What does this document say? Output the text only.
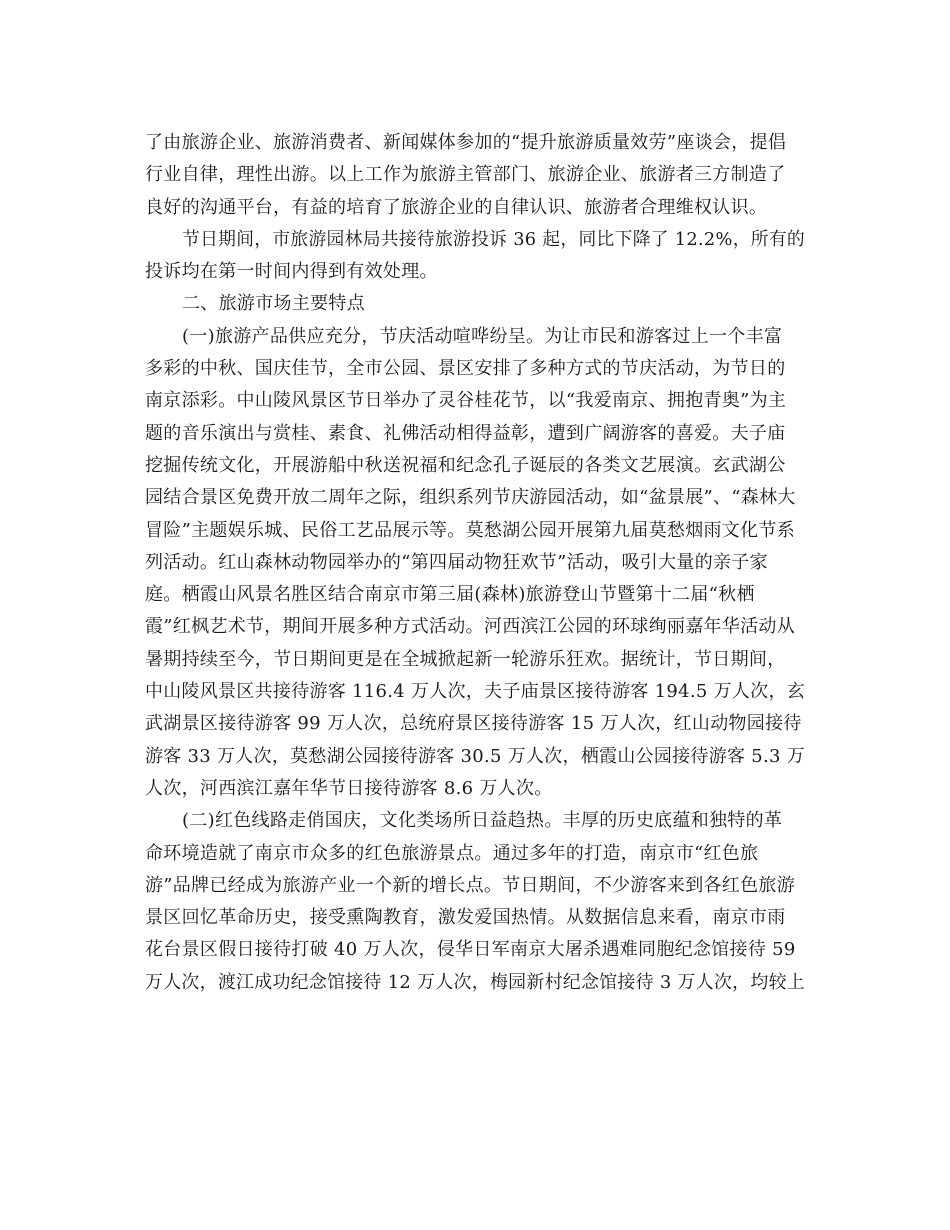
了由旅游企业、旅游消费者、新闻媒体参加的“提升旅游质量效劳”座谈会，提倡
行业自律，理性出游。以上工作为旅游主管部门、旅游企业、旅游者三方制造了
良好的沟通平台，有益的培育了旅游企业的自律认识、旅游者合理维权认识。
节日期间，市旅游园林局共接待旅游投诉 36 起，同比下降了 12.2%，所有的
投诉均在第一时间内得到有效处理。
二、旅游市场主要特点
(一)旅游产品供应充分，节庆活动喧哗纷呈。为让市民和游客过上一个丰富
多彩的中秋、国庆佳节，全市公园、景区安排了多种方式的节庆活动，为节日的
南京添彩。中山陵风景区节日举办了灵谷桂花节，以“我爱南京、拥抱青奥”为主
题的音乐演出与赏桂、素食、礼佛活动相得益彰，遭到广阔游客的喜爱。夫子庙
挖掘传统文化，开展游船中秋送祝福和纪念孔子诞辰的各类文艺展演。玄武湖公
园结合景区免费开放二周年之际，组织系列节庆游园活动，如“盆景展”、“森林大
冒险”主题娱乐城、民俗工艺品展示等。莫愁湖公园开展第九届莫愁烟雨文化节系
列活动。红山森林动物园举办的“第四届动物狂欢节”活动，吸引大量的亲子家
庭。栖霞山风景名胜区结合南京市第三届(森林)旅游登山节暨第十二届“秋栖
霞”红枫艺术节，期间开展多种方式活动。河西滨江公园的环球绚丽嘉年华活动从
暑期持续至今，节日期间更是在全城掀起新一轮游乐狂欢。据统计，节日期间，
中山陵风景区共接待游客 116.4 万人次，夫子庙景区接待游客 194.5 万人次，玄
武湖景区接待游客 99 万人次，总统府景区接待游客 15 万人次，红山动物园接待
游客 33 万人次，莫愁湖公园接待游客 30.5 万人次，栖霞山公园接待游客 5.3 万
人次，河西滨江嘉年华节日接待游客 8.6 万人次。
(二)红色线路走俏国庆，文化类场所日益趋热。丰厚的历史底蕴和独特的革
命环境造就了南京市众多的红色旅游景点。通过多年的打造，南京市“红色旅
游”品牌已经成为旅游产业一个新的增长点。节日期间，不少游客来到各红色旅游
景区回忆革命历史，接受熏陶教育，激发爱国热情。从数据信息来看，南京市雨
花台景区假日接待打破 40 万人次，侵华日军南京大屠杀遇难同胞纪念馆接待 59
万人次，渡江成功纪念馆接待 12 万人次，梅园新村纪念馆接待 3 万人次，均较上
